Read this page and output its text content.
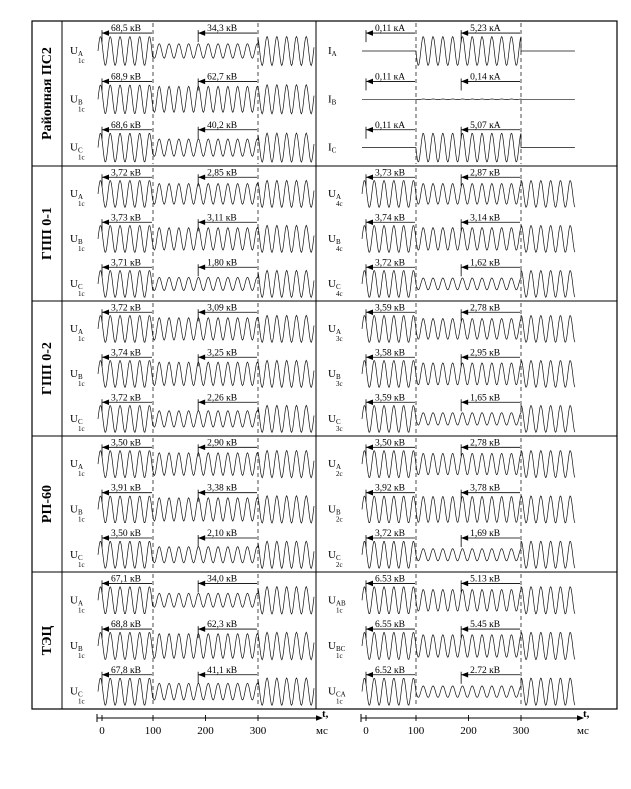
Районная ПС2 UA 1с
68,5 кВ	34,3 кВ
UB 1с
68,9 кВ	62,7 кВ
UC 1с
68,6 кВ	40,2 кВ
IA
0,11 кА	5,23 кА
IB
0,11 кА	0,14 кА
IC
0,11 кА	5,07 кА
ГПП 0-1
UA 1с
3,72 кВ	2,85 кВ
UB 1с
3,73 кВ	3,11 кВ
UC 1с
3,71 кВ	1,80 кВ
UA 4с
3,73 кВ	2,87 кВ
UB 4с
3,74 кВ	3,14 кВ
UC 4с
3,72 кВ	1,62 кВ
ГПП 0-2
UA 1с
3,72 кВ	3,09 кВ
UB 1с
3,74 кВ	3,25 кВ
UC 1с
3,72 кВ	2,26 кВ
UA 3с
3,59 кВ	2,78 кВ
UB 3с
3,58 кВ	2,95 кВ
UC 3с
3,59 кВ	1,65 кВ
РП-60
UA 1с
3,50 кВ	2,90 кВ
UB 1с
3,91 кВ	3,38 кВ
UC 1с
3,50 кВ	2,10 кВ
UA 2с
3,50 кВ	2,78 кВ
UB 2с
3,92 кВ	3,78 кВ
UC 2с
3,72 кВ	1,69 кВ
ТЭЦ
UA 1с
67,1 кВ	34,0 кВ
UB 1с
68,8 кВ	62,3 кВ
UC 1с
67,8 кВ	41,1 кВ
UAB 1с
6.53 кВ	5.13 кВ
UBC 1с
6.55 кВ	5.45 кВ
UCA 1с
6.52 кВ	2.72 кВ
0	100	200	300
t,
мс	0	100	200	300
t,
мс
